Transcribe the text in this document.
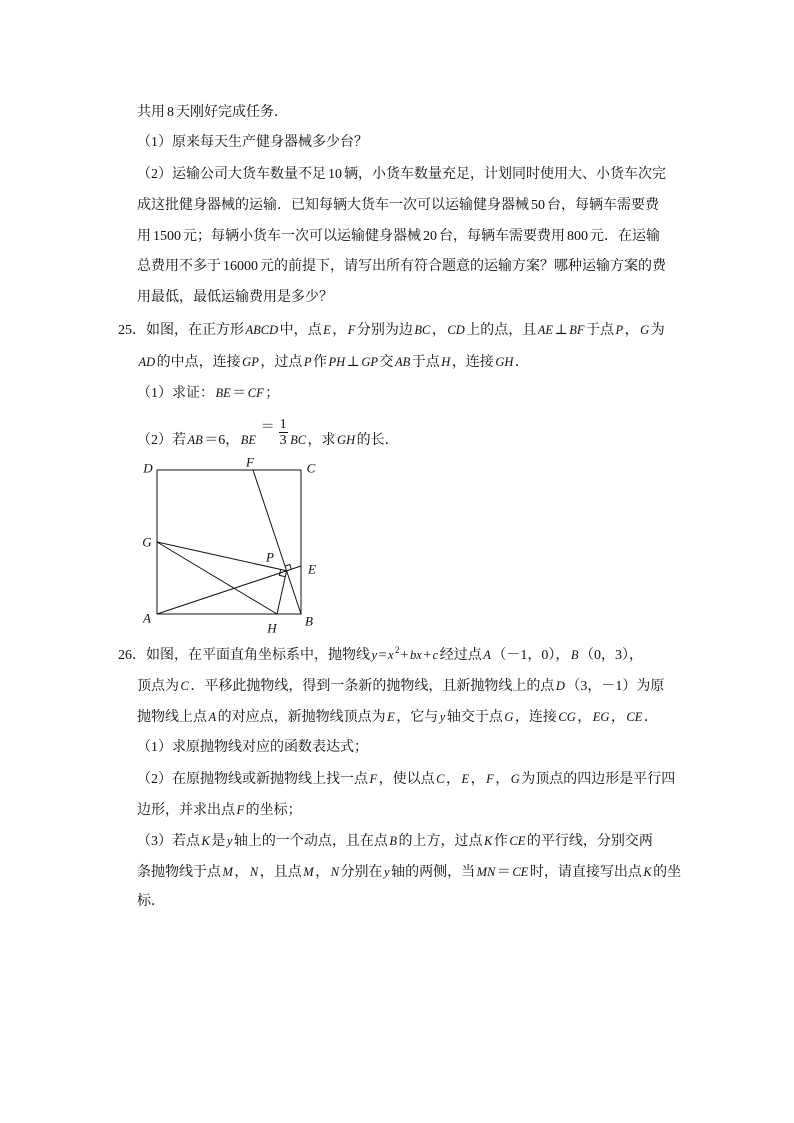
共用 8 天刚好完成任务．
（1）原来每天生产健身器械多少台？
（2）运输公司大货车数量不足 10 辆，小货车数量充足，计划同时使用大、小货车次完
成这批健身器械的运输．已知每辆大货车一次可以运输健身器械 50 台，每辆车需要费
用 1500 元；每辆小货车一次可以运输健身器械 20 台，每辆车需要费用 800 元．在运输
总费用不多于 16000 元的前提下，请写出所有符合题意的运输方案？哪种运输方案的费
用最低，最低运输费用是多少？
25．如图，在正方形 ABCD 中，点 E ， F 分别为边 BC ， CD 上的点，且 AE ⊥ BF 于点 P ， G 为
AD 的中点，连接 GP ，过点 P 作 PH ⊥ GP 交 AB 于点 H ，连接 GH ．
（1）求证： BE ＝ CF ；
（2）若 AB ＝6， $BE= \frac{1}{3}$ BC ，求 GH 的长．
D	F	C
G
P
E
A
H B
26．如图，在平面直角坐标系中，抛物线 y = x $^2$+ bx + c 经过点 A （－1，0）， B （0，3），
顶点为 C ．平移此抛物线，得到一条新的抛物线，且新抛物线上的点 D （3，－1）为原
抛物线上点 A 的对应点，新抛物线顶点为 E ，它与 y 轴交于点 G ，连接 CG ， EG ， CE ．
（1）求原抛物线对应的函数表达式；
（2）在原抛物线或新抛物线上找一点 F ，使以点 C ， E ， F ， G 为顶点的四边形是平行四
边形，并求出点 F 的坐标；
（3）若点 K 是 y 轴上的一个动点，且在点 B 的上方，过点 K 作 CE 的平行线，分别交两
条抛物线于点 M ， N ，且点 M ， N 分别在 y 轴的两侧，当 MN ＝ CE 时，请直接写出点 K 的坐
标．
